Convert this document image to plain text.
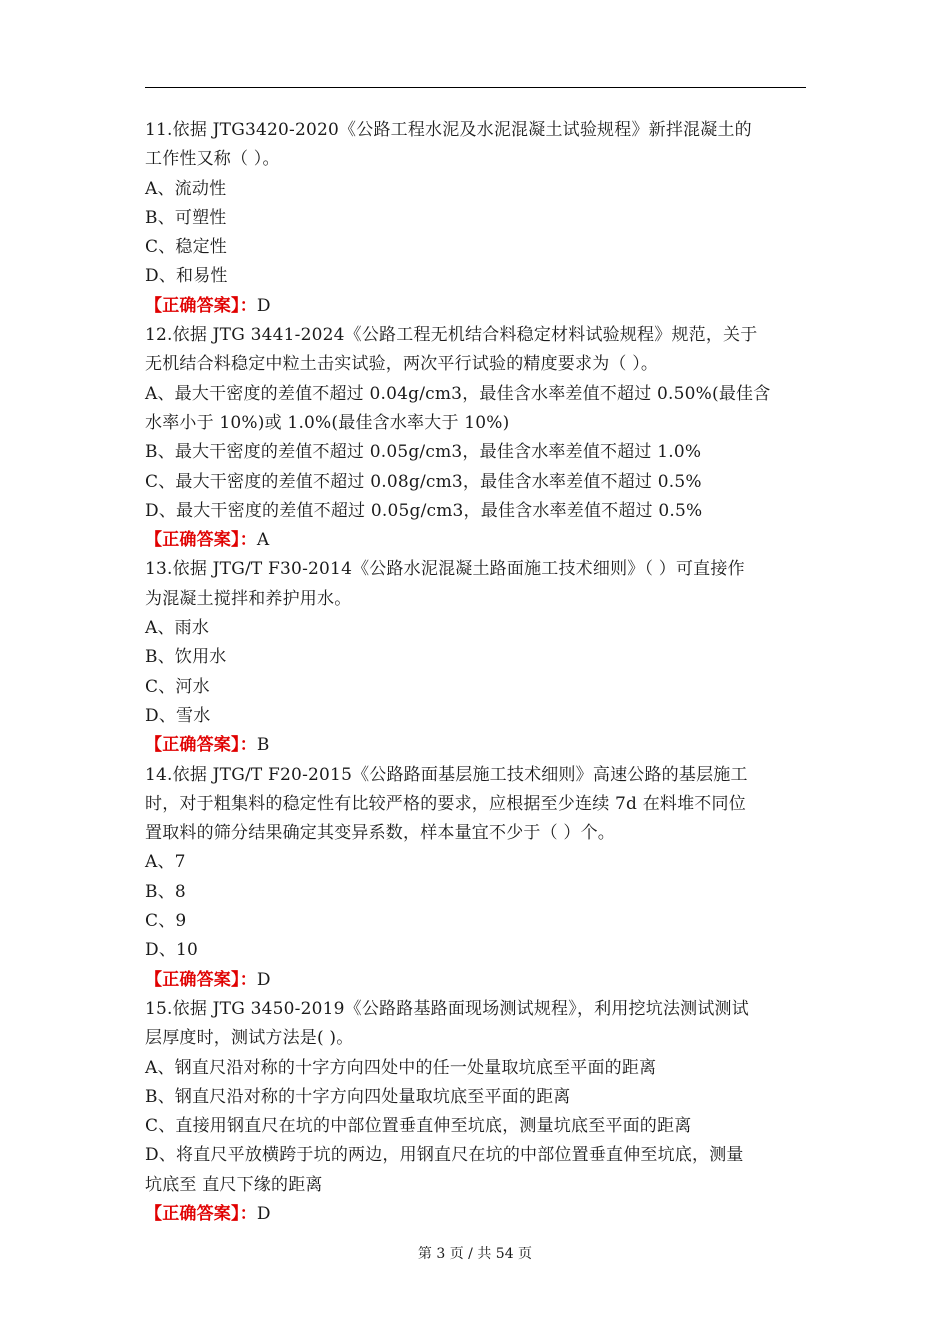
11.依据 JTG3420-2020《公路工程水泥及水泥混凝土试验规程》新拌混凝土的
工作性又称（ ）。
A、流动性
B、可塑性
C、稳定性
D、和易性
【正确答案】：D
12.依据 JTG 3441-2024《公路工程无机结合料稳定材料试验规程》规范，关于
无机结合料稳定中粒土击实试验，两次平行试验的精度要求为（ ）。
A、最大干密度的差值不超过 0.04g/cm3，最佳含水率差值不超过 0.50%(最佳含
水率小于 10%)或 1.0%(最佳含水率大于 10%)
B、最大干密度的差值不超过 0.05g/cm3，最佳含水率差值不超过 1.0%
C、最大干密度的差值不超过 0.08g/cm3，最佳含水率差值不超过 0.5%
D、最大干密度的差值不超过 0.05g/cm3，最佳含水率差值不超过 0.5%
【正确答案】：A
13.依据 JTG/T F30-2014《公路水泥混凝土路面施工技术细则》（ ）可直接作
为混凝土搅拌和养护用水。
A、雨水
B、饮用水
C、河水
D、雪水
【正确答案】：B
14.依据 JTG/T F20-2015《公路路面基层施工技术细则》高速公路的基层施工
时，对于粗集料的稳定性有比较严格的要求，应根据至少连续 7d 在料堆不同位
置取料的筛分结果确定其变异系数，样本量宜不少于（ ）个。
A、7
B、8
C、9
D、10
【正确答案】：D
15.依据 JTG 3450-2019《公路路基路面现场测试规程》，利用挖坑法测试测试
层厚度时，测试方法是( )。
A、钢直尺沿对称的十字方向四处中的任一处量取坑底至平面的距离
B、钢直尺沿对称的十字方向四处量取坑底至平面的距离
C、直接用钢直尺在坑的中部位置垂直伸至坑底，测量坑底至平面的距离
D、将直尺平放横跨于坑的两边，用钢直尺在坑的中部位置垂直伸至坑底，测量
坑底至 直尺下缘的距离
【正确答案】：D
第 3 页 / 共 54 页
